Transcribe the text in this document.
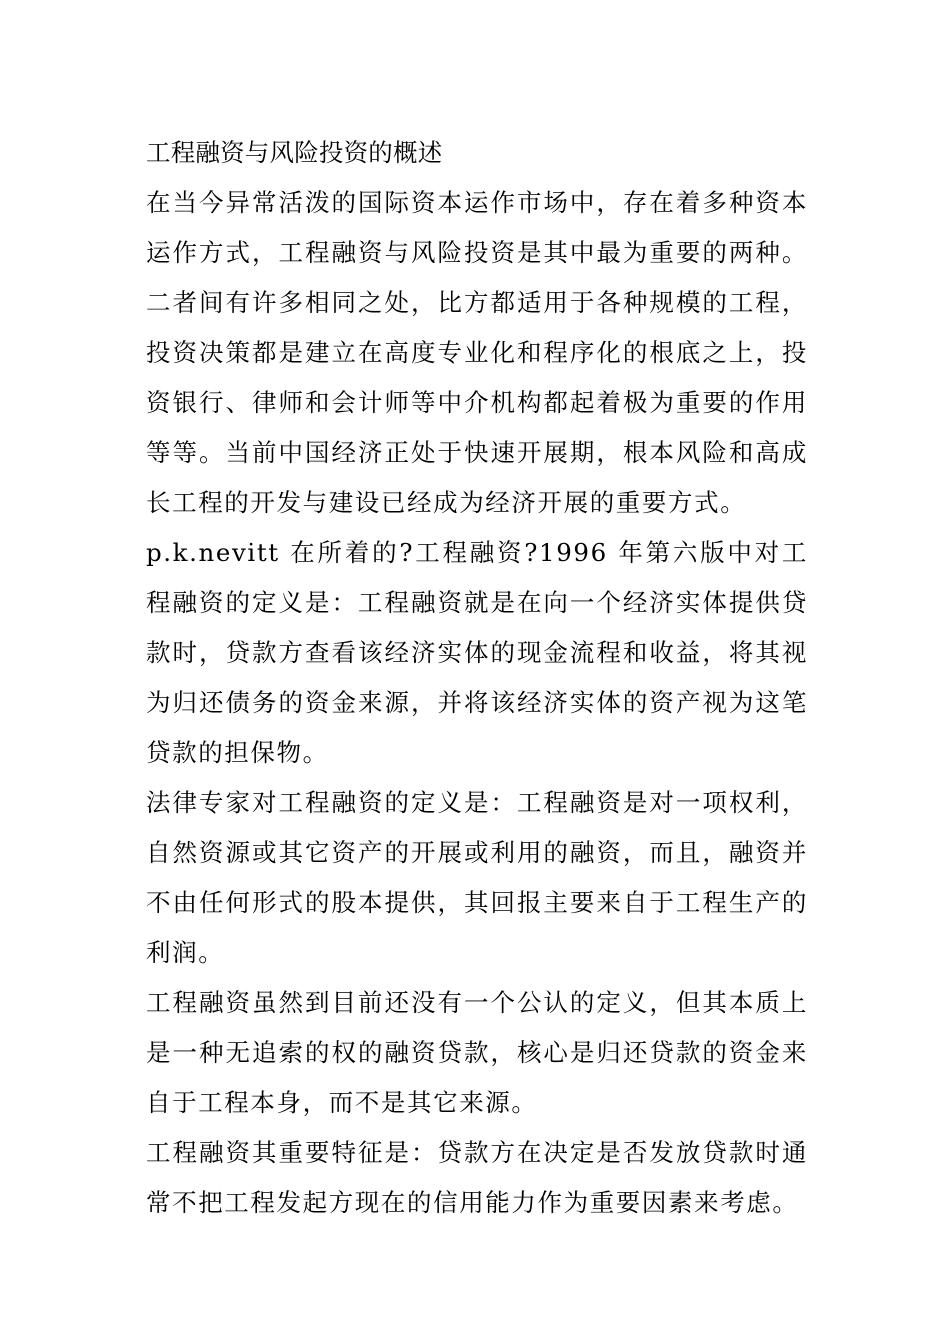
工程融资与风险投资的概述

在当今异常活泼的国际资本运作市场中，存在着多种资本运作方式，工程融资与风险投资是其中最为重要的两种。二者间有许多相同之处，比方都适用于各种规模的工程，投资决策都是建立在高度专业化和程序化的根底之上，投资银行、律师和会计师等中介机构都起着极为重要的作用等等。当前中国经济正处于快速开展期，根本风险和高成长工程的开发与建设已经成为经济开展的重要方式。

p.k.nevitt 在所着的?工程融资?1996 年第六版中对工程融资的定义是：工程融资就是在向一个经济实体提供贷款时，贷款方查看该经济实体的现金流程和收益，将其视为归还债务的资金来源，并将该经济实体的资产视为这笔贷款的担保物。

法律专家对工程融资的定义是：工程融资是对一项权利，自然资源或其它资产的开展或利用的融资，而且，融资并不由任何形式的股本提供，其回报主要来自于工程生产的利润。

工程融资虽然到目前还没有一个公认的定义，但其本质上是一种无追索的权的融资贷款，核心是归还贷款的资金来自于工程本身，而不是其它来源。

工程融资其重要特征是：贷款方在决定是否发放贷款时通常不把工程发起方现在的信用能力作为重要因素来考虑。
